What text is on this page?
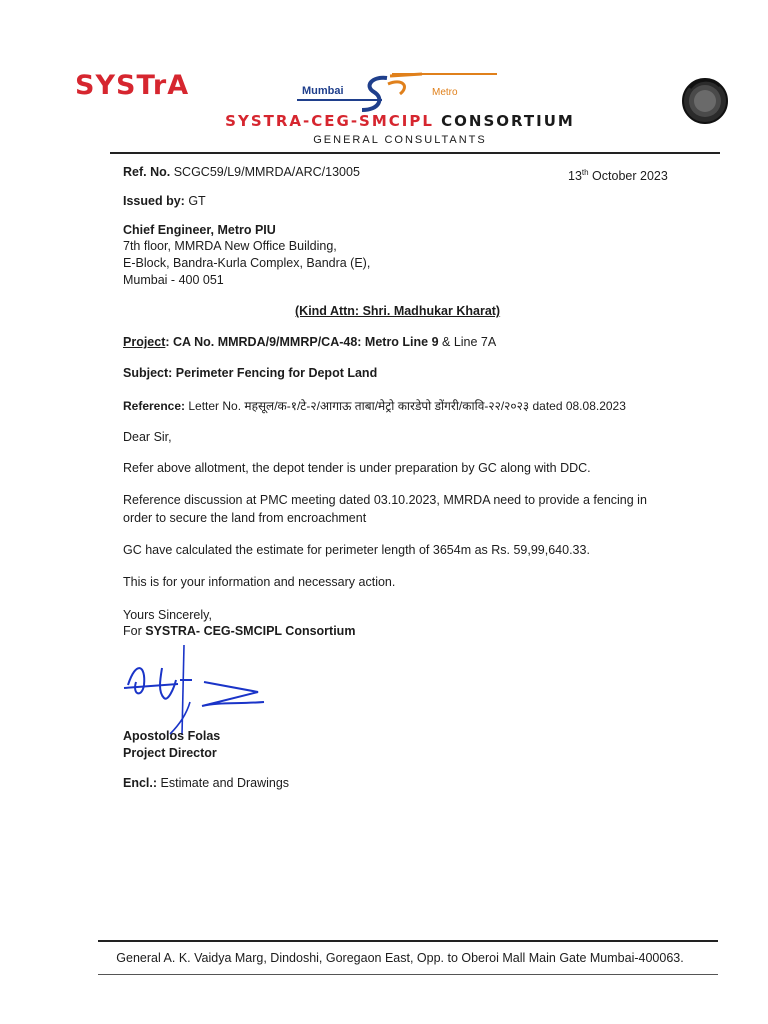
SYSTrA	Mumbai	Metro
SYSTRA-CEG-SMCIPL CONSORTIUM
GENERAL CONSULTANTS
Ref. No. SCGC59/L9/MMRDA/ARC/13005	13th October 2023
Issued by: GT
Chief Engineer, Metro PIU
7th floor, MMRDA New Office Building,
E-Block, Bandra-Kurla Complex, Bandra (E),
Mumbai - 400 051
(Kind Attn: Shri. Madhukar Kharat)
Project: CA No. MMRDA/9/MMRP/CA-48: Metro Line 9 & Line 7A
Subject: Perimeter Fencing for Depot Land
Reference: Letter No. महसूल/क-१/टे-२/आगाऊ ताबा/मेट्रो कारडेपो डोंगरी/कावि-२२/२०२३ dated 08.08.2023
Dear Sir,
Refer above allotment, the depot tender is under preparation by GC along with DDC.
Reference discussion at PMC meeting dated 03.10.2023, MMRDA need to provide a fencing in
order to secure the land from encroachment
GC have calculated the estimate for perimeter length of 3654m as Rs. 59,99,640.33.
This is for your information and necessary action.
Yours Sincerely,
For SYSTRA- CEG-SMCIPL Consortium
Apostolos Folas
Project Director
Encl.: Estimate and Drawings
General A. K. Vaidya Marg, Dindoshi, Goregaon East, Opp. to Oberoi Mall Main Gate Mumbai-400063.
